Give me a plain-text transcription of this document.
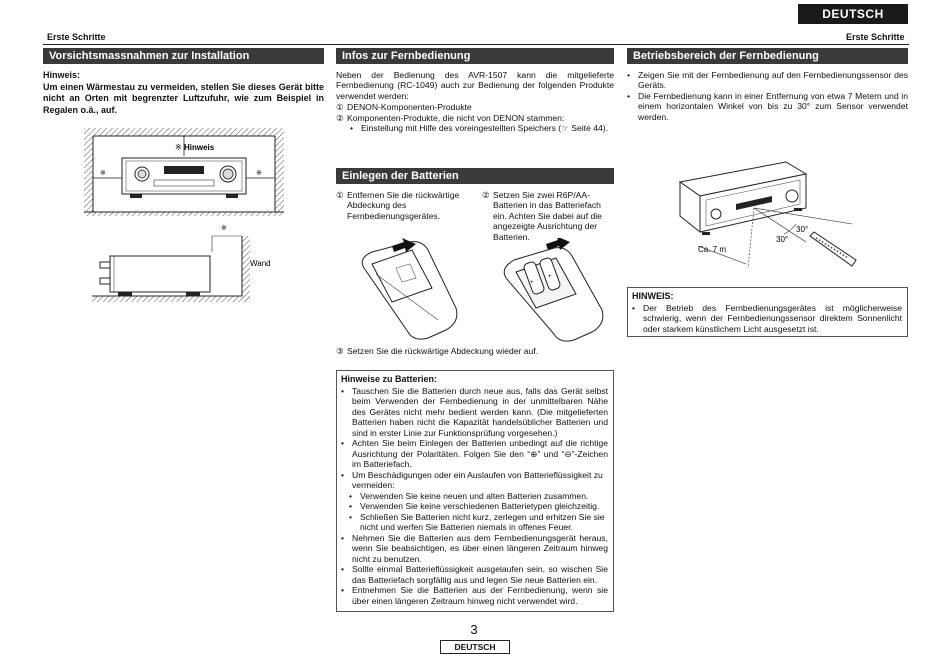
DEUTSCH
Erste Schritte	Erste Schritte
Vorsichtsmassnahmen zur Installation
Hinweis:
Um einen Wärmestau zu vermeiden, stellen Sie dieses Gerät bitte nicht an Orten mit begrenzter Luftzufuhr, wie zum Beispiel in Regalen o.ä., auf.
※ Hinweis
※	※
※
Wand
Infos zur Fernbedienung

Neben der Bedienung des AVR-1507 kann die mitgelieferte Fernbedienung (RC-1049) auch zur Bedienung der folgenden Produkte verwendet werden:

① DENON-Komponenten-Produkte
② Komponenten-Produkte, die nicht von DENON stammen:
• Einstellung mit Hilfe des voreingestellten Speichers (☞ Seite 44).
Einlegen der Batterien
① Entfernen Sie die rückwärtige Abdeckung des Fernbedienungsgerätes.
② Setzen Sie zwei R6P/AA-Batterien in das Batteriefach ein. Achten Sie dabei auf die angezeigte Ausrichtung der Batterien.
+
+
③ Setzen Sie die rückwärtige Abdeckung wieder auf.
Hinweise zu Batterien:
• Tauschen Sie die Batterien durch neue aus, falls das Gerät selbst beim Verwenden der Fernbedienung in der unmittelbaren Nähe des Gerätes nicht mehr bedient werden kann. (Die mitgelieferten Batterien haben nicht die Kapazität handelsüblicher Batterien und sind in erster Linie zur Funktionsprüfung vorgesehen.)
• Achten Sie beim Einlegen der Batterien unbedingt auf die richtige Ausrichtung der Polaritäten. Folgen Sie den “⊕” und “⊖”-Zeichen im Batteriefach.
• Um Beschädigungen oder ein Auslaufen von Batterieflüssigkeit zu vermeiden:
• Verwenden Sie keine neuen und alten Batterien zusammen.
• Verwenden Sie keine verschiedenen Batterietypen gleichzeitig.
• Schließen Sie Batterien nicht kurz, zerlegen und erhitzen Sie sie nicht und werfen Sie Batterien niemals in offenes Feuer.
• Nehmen Sie die Batterien aus dem Fernbedienungsgerät heraus, wenn Sie beabsichtigen, es über einen längeren Zeitraum hinweg nicht zu benutzen.
• Sollte einmal Batterieflüssigkeit ausgelaufen sein, so wischen Sie das Batteriefach sorgfältig aus und legen Sie neue Batterien ein.
• Entnehmen Sie die Batterien aus der Fernbedienung, wenn sie über einen längeren Zeitraum hinweg nicht verwendet wird.
Betriebsbereich der Fernbedienung
• Zeigen Sie mit der Fernbedienung auf den Fernbedienungssensor des Geräts.
• Die Fernbedienung kann in einer Entfernung von etwa 7 Metern und in einem horizontalen Winkel von bis zu 30° zum Sensor verwendet werden.
30°
30°
Ca. 7 m
HINWEIS:
• Der Betrieb des Fernbedienungsgerätes ist möglicherweise schwierig, wenn der Fernbedienungssensor direktem Sonnenlicht oder starkem künstlichem Licht ausgesetzt ist.
3
DEUTSCH
